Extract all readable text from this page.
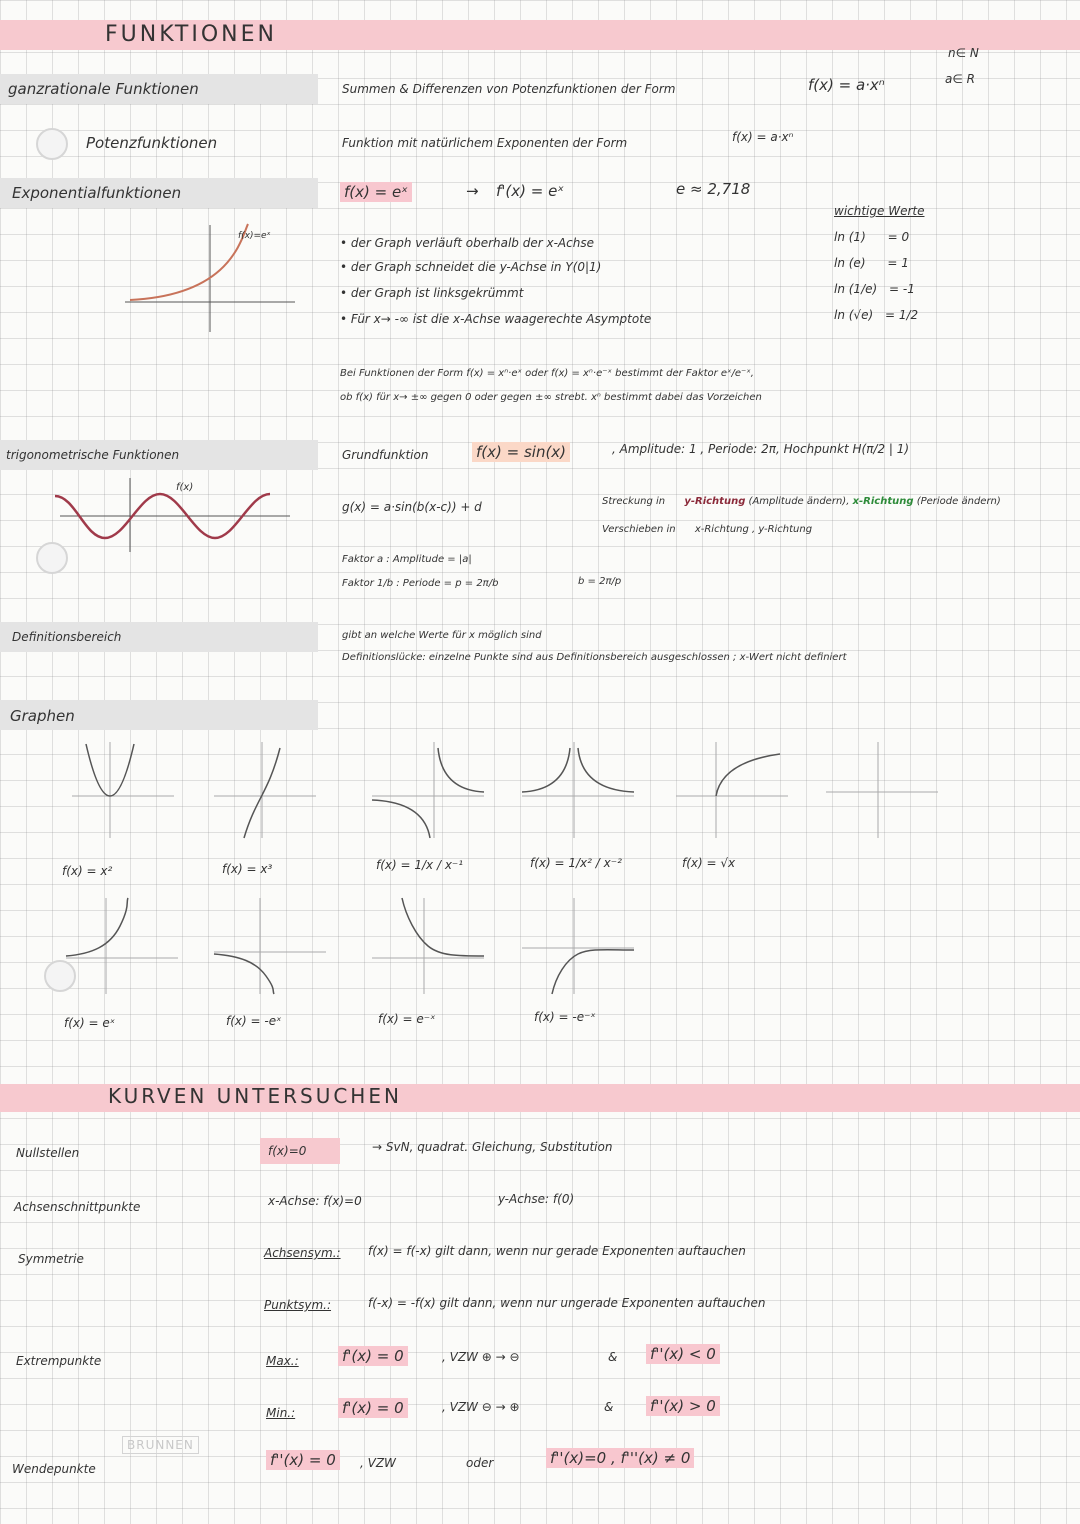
FUNKTIONEN
n∈ N
a∈ R
ganzrationale Funktionen	Summen & Differenzen von Potenzfunktionen der Form	f(x) = a·xⁿ
Potenzfunktionen	Funktion mit natürlichem Exponenten der Form	f(x) = a·xⁿ
Exponentialfunktionen	f(x) = eˣ	→ f'(x) = eˣ	e ≈ 2,718
f(x)=eˣ	• der Graph verläuft oberhalb der x-Achse
• der Graph schneidet die y-Achse in Y(0|1)
• der Graph ist linksgekrümmt
• Für x→ -∞ ist die x-Achse waagerechte Asymptote
wichtige Werte
ln (1) = 0
ln (e) = 1
ln (1/e) = -1
ln (√e) = 1/2
Bei Funktionen der Form f(x) = xⁿ·eˣ oder f(x) = xⁿ·e⁻ˣ bestimmt der Faktor eˣ/e⁻ˣ,
ob f(x) für x→ ±∞ gegen 0 oder gegen ±∞ strebt. xⁿ bestimmt dabei das Vorzeichen
trigonometrische Funktionen
f(x)
Grundfunktion	f(x) = sin(x)	, Amplitude: 1 , Periode: 2π, Hochpunkt H(π/2 | 1)
g(x) = a·sin(b(x-c)) + d	Streckung in y-Richtung (Amplitude ändern), x-Richtung (Periode ändern)
Verschieben in x-Richtung , y-Richtung
Faktor a : Amplitude = |a|
Faktor 1/b : Periode = p = 2π/b	b = 2π/p
Definitionsbereich	gibt an welche Werte für x möglich sind
Definitionslücke: einzelne Punkte sind aus Definitionsbereich ausgeschlossen ; x-Wert nicht definiert
Graphen
f(x) = x²	f(x) = x³	f(x) = 1/x / x⁻¹	f(x) = 1/x² / x⁻²	f(x) = √x
f(x) = eˣ	f(x) = -eˣ	f(x) = e⁻ˣ	f(x) = -e⁻ˣ
KURVEN UNTERSUCHEN
Nullstellen	f(x)=0	→ SvN, quadrat. Gleichung, Substitution
Achsenschnittpunkte	x-Achse: f(x)=0	y-Achse: f(0)
Symmetrie	Achsensym.: f(x) = f(-x) gilt dann, wenn nur gerade Exponenten auftauchen
Punktsym.:	f(-x) = -f(x) gilt dann, wenn nur ungerade Exponenten auftauchen
Extrempunkte	Max.:	f'(x) = 0	, VZW ⊕ → ⊖	& f''(x) < 0
Min.:	f'(x) = 0	, VZW ⊖ → ⊕	& f''(x) > 0
BRUNNEN
Wendepunkte	f''(x) = 0	, VZW	oder	f''(x)=0 , f'''(x) ≠ 0
